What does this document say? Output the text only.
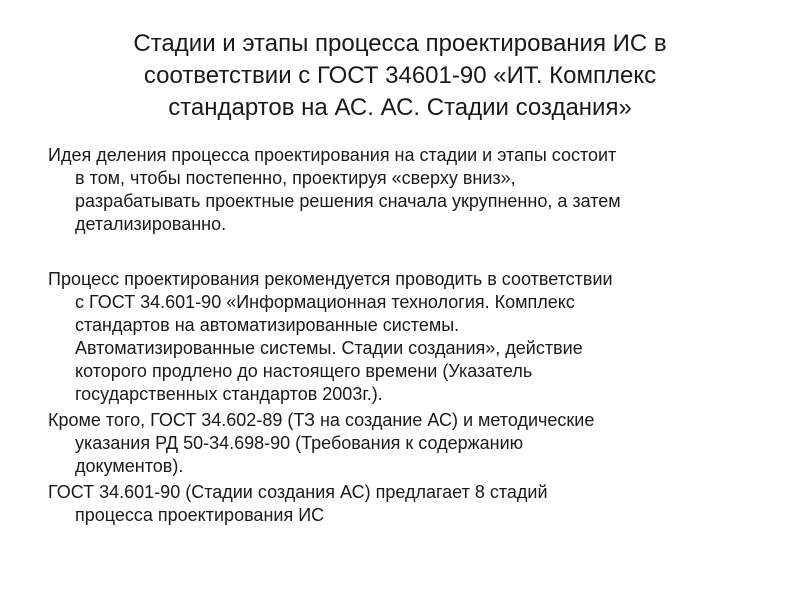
Стадии и этапы процесса проектирования ИС в
соответствии с ГОСТ 34601-90 «ИТ. Комплекс
стандартов на АС. АС. Стадии создания»

Идея деления процесса проектирования на стадии и этапы состоит
в том, чтобы постепенно, проектируя «сверху вниз»,
разрабатывать проектные решения сначала укрупненно, а затем
детализированно.

Процесс проектирования рекомендуется проводить в соответствии
с ГОСТ 34.601-90 «Информационная технология. Комплекс
стандартов на автоматизированные системы.
Автоматизированные системы. Стадии создания», действие
которого продлено до настоящего времени (Указатель
государственных стандартов 2003г.).

Кроме того, ГОСТ 34.602-89 (ТЗ на создание АС) и методические
указания РД 50-34.698-90 (Требования к содержанию
документов).

ГОСТ 34.601-90 (Стадии создания АС) предлагает 8 стадий
процесса проектирования ИС
